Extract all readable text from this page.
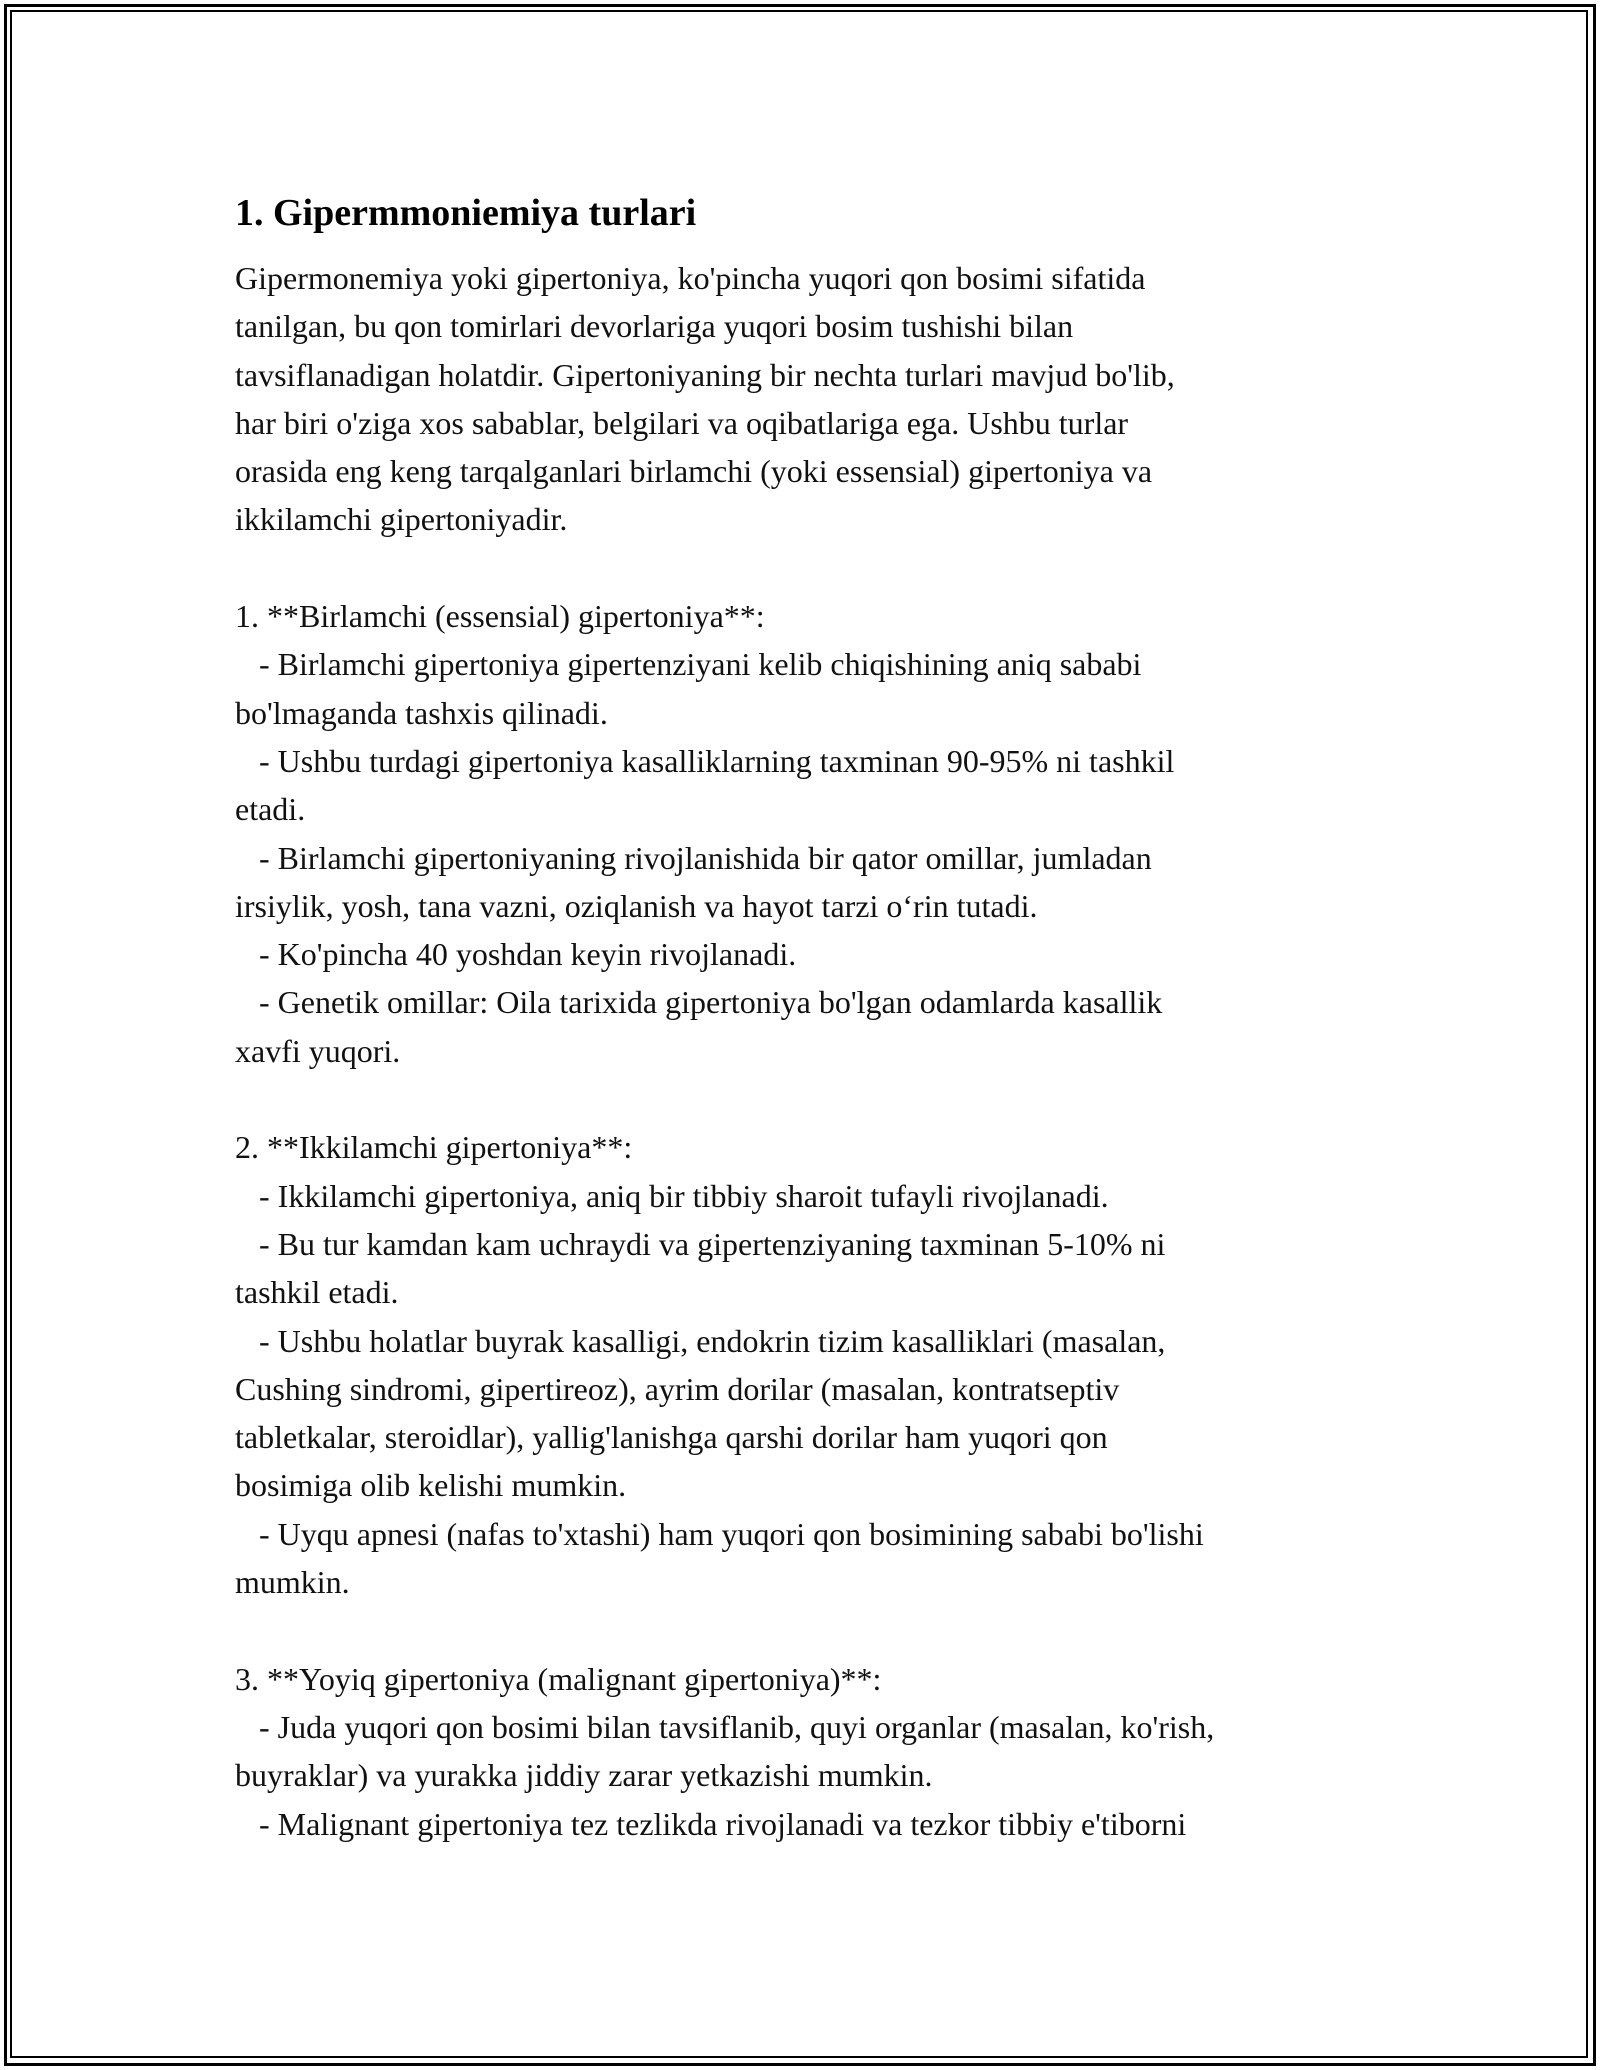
1. Gipermmoniemiya turlari

Gipermonemiya yoki gipertoniya, ko'pincha yuqori qon bosimi sifatida
tanilgan, bu qon tomirlari devorlariga yuqori bosim tushishi bilan
tavsiflanadigan holatdir. Gipertoniyaning bir nechta turlari mavjud bo'lib,
har biri o'ziga xos sabablar, belgilari va oqibatlariga ega. Ushbu turlar
orasida eng keng tarqalganlari birlamchi (yoki essensial) gipertoniya va
ikkilamchi gipertoniyadir.

1. **Birlamchi (essensial) gipertoniya**:
- Birlamchi gipertoniya gipertenziyani kelib chiqishining aniq sababi
bo'lmaganda tashxis qilinadi.
- Ushbu turdagi gipertoniya kasalliklarning taxminan 90-95% ni tashkil
etadi.
- Birlamchi gipertoniyaning rivojlanishida bir qator omillar, jumladan
irsiylik, yosh, tana vazni, oziqlanish va hayot tarzi o‘rin tutadi.
- Ko'pincha 40 yoshdan keyin rivojlanadi.
- Genetik omillar: Oila tarixida gipertoniya bo'lgan odamlarda kasallik
xavfi yuqori.

2. **Ikkilamchi gipertoniya**:
- Ikkilamchi gipertoniya, aniq bir tibbiy sharoit tufayli rivojlanadi.
- Bu tur kamdan kam uchraydi va gipertenziyaning taxminan 5-10% ni
tashkil etadi.
- Ushbu holatlar buyrak kasalligi, endokrin tizim kasalliklari (masalan,
Cushing sindromi, gipertireoz), ayrim dorilar (masalan, kontratseptiv
tabletkalar, steroidlar), yallig'lanishga qarshi dorilar ham yuqori qon
bosimiga olib kelishi mumkin.
- Uyqu apnesi (nafas to'xtashi) ham yuqori qon bosimining sababi bo'lishi
mumkin.

3. **Yoyiq gipertoniya (malignant gipertoniya)**:
- Juda yuqori qon bosimi bilan tavsiflanib, quyi organlar (masalan, ko'rish,
buyraklar) va yurakka jiddiy zarar yetkazishi mumkin.
- Malignant gipertoniya tez tezlikda rivojlanadi va tezkor tibbiy e'tiborni
